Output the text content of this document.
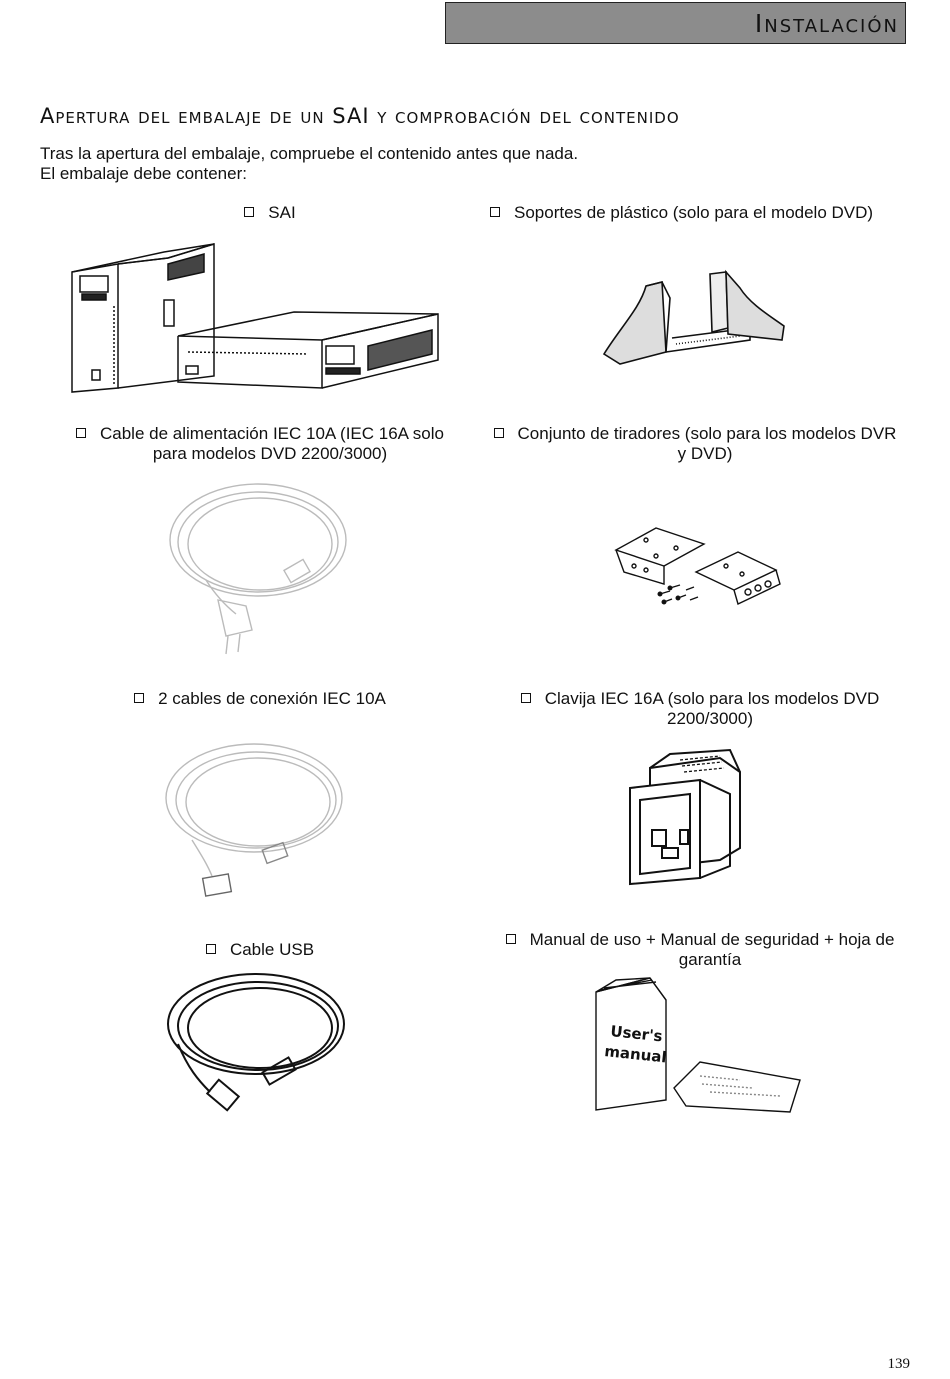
Instalación
Apertura del embalaje de un SAI y comprobación del contenido
Tras la apertura del embalaje, compruebe el contenido antes que nada.
El embalaje debe contener:
SAI	Soportes de plástico (solo para el modelo DVD)
Cable de alimentación IEC 10A (IEC 16A solo
para modelos DVD 2200/3000)
Conjunto de tiradores (solo para los modelos DVR
y DVD)
2 cables de conexión IEC 10A	Clavija IEC 16A (solo para los modelos DVD
2200/3000)
Cable USB
Manual de uso + Manual de seguridad + hoja de
garantía
User's
manual
139
